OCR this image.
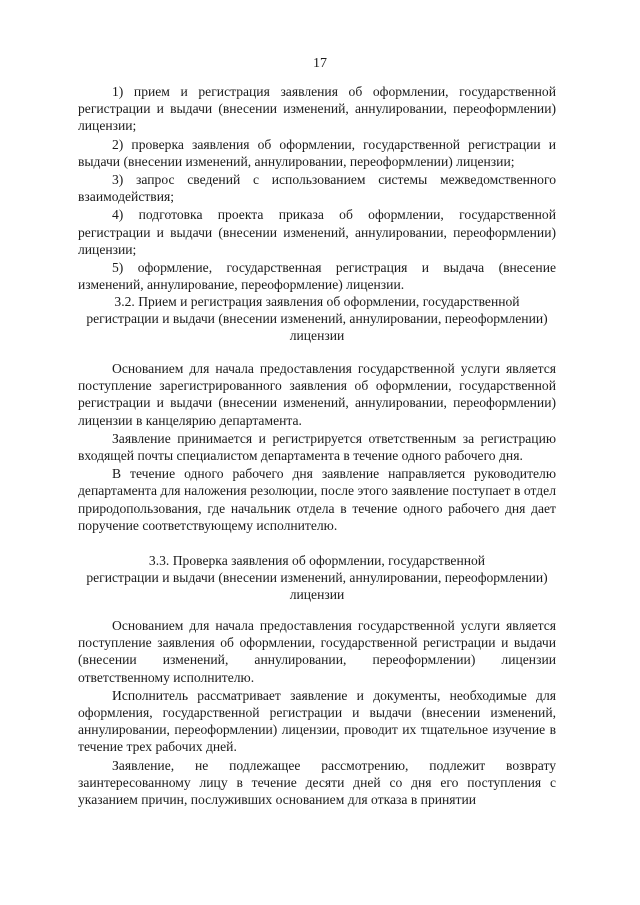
17

1) прием и регистрация заявления об оформлении, государственной регистрации и выдачи (внесении изменений, аннулировании, переоформлении) лицензии;

2) проверка заявления об оформлении, государственной регистрации и выдачи (внесении изменений, аннулировании, переоформлении) лицензии;

3) запрос сведений с использованием системы межведомственного взаимодействия;

4) подготовка проекта приказа об оформлении, государственной регистрации и выдачи (внесении изменений, аннулировании, переоформлении) лицензии;

5) оформление, государственная регистрация и выдача (внесение изменений, аннулирование, переоформление) лицензии.

3.2. Прием и регистрация заявления об оформлении, государственной
регистрации и выдачи (внесении изменений, аннулировании, переоформлении)
лицензии

Основанием для начала предоставления государственной услуги является поступление зарегистрированного заявления об оформлении, государственной регистрации и выдачи (внесении изменений, аннулировании, переоформлении) лицензии в канцелярию департамента.

Заявление принимается и регистрируется ответственным за регистрацию входящей почты специалистом департамента в течение одного рабочего дня.

В течение одного рабочего дня заявление направляется руководителю департамента для наложения резолюции, после этого заявление поступает в отдел природопользования, где начальник отдела в течение одного рабочего дня дает поручение соответствующему исполнителю.

3.3. Проверка заявления об оформлении, государственной
регистрации и выдачи (внесении изменений, аннулировании, переоформлении)
лицензии

Основанием для начала предоставления государственной услуги является поступление заявления об оформлении, государственной регистрации и выдачи (внесении изменений, аннулировании, переоформлении) лицензии ответственному исполнителю.

Исполнитель рассматривает заявление и документы, необходимые для оформления, государственной регистрации и выдачи (внесении изменений, аннулировании, переоформлении) лицензии, проводит их тщательное изучение в течение трех рабочих дней.

Заявление, не подлежащее рассмотрению, подлежит возврату заинтересованному лицу в течение десяти дней со дня его поступления с указанием причин, послуживших основанием для отказа в принятии
